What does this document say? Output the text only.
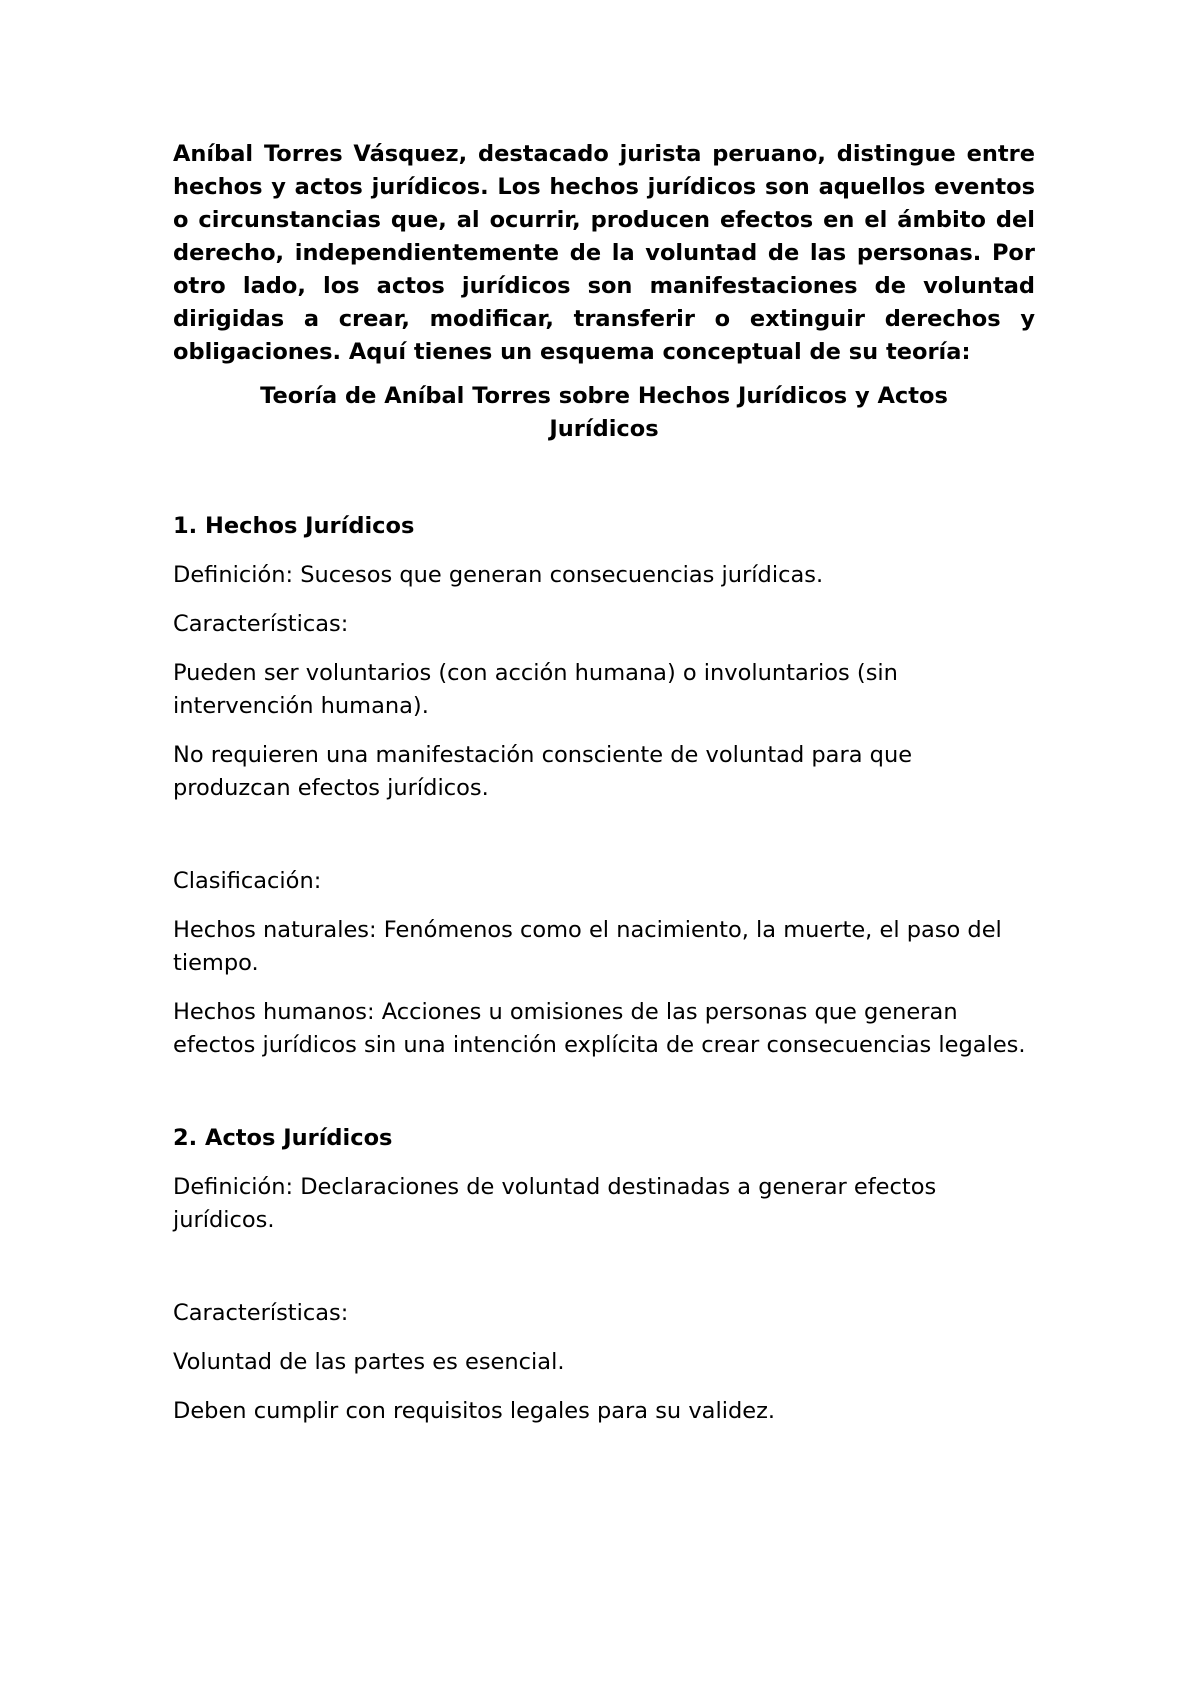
Aníbal Torres Vásquez, destacado jurista peruano, distingue entre hechos y actos jurídicos. Los hechos jurídicos son aquellos eventos o circunstancias que, al ocurrir, producen efectos en el ámbito del derecho, independientemente de la voluntad de las personas. Por otro lado, los actos jurídicos son manifestaciones de voluntad dirigidas a crear, modificar, transferir o extinguir derechos y obligaciones. Aquí tienes un esquema conceptual de su teoría:

Teoría de Aníbal Torres sobre Hechos Jurídicos y Actos Jurídicos

1. Hechos Jurídicos

Definición: Sucesos que generan consecuencias jurídicas.

Características:

Pueden ser voluntarios (con acción humana) o involuntarios (sin intervención humana).

No requieren una manifestación consciente de voluntad para que produzcan efectos jurídicos.

Clasificación:

Hechos naturales: Fenómenos como el nacimiento, la muerte, el paso del tiempo.

Hechos humanos: Acciones u omisiones de las personas que generan efectos jurídicos sin una intención explícita de crear consecuencias legales.

2. Actos Jurídicos

Definición: Declaraciones de voluntad destinadas a generar efectos jurídicos.

Características:

Voluntad de las partes es esencial.

Deben cumplir con requisitos legales para su validez.
